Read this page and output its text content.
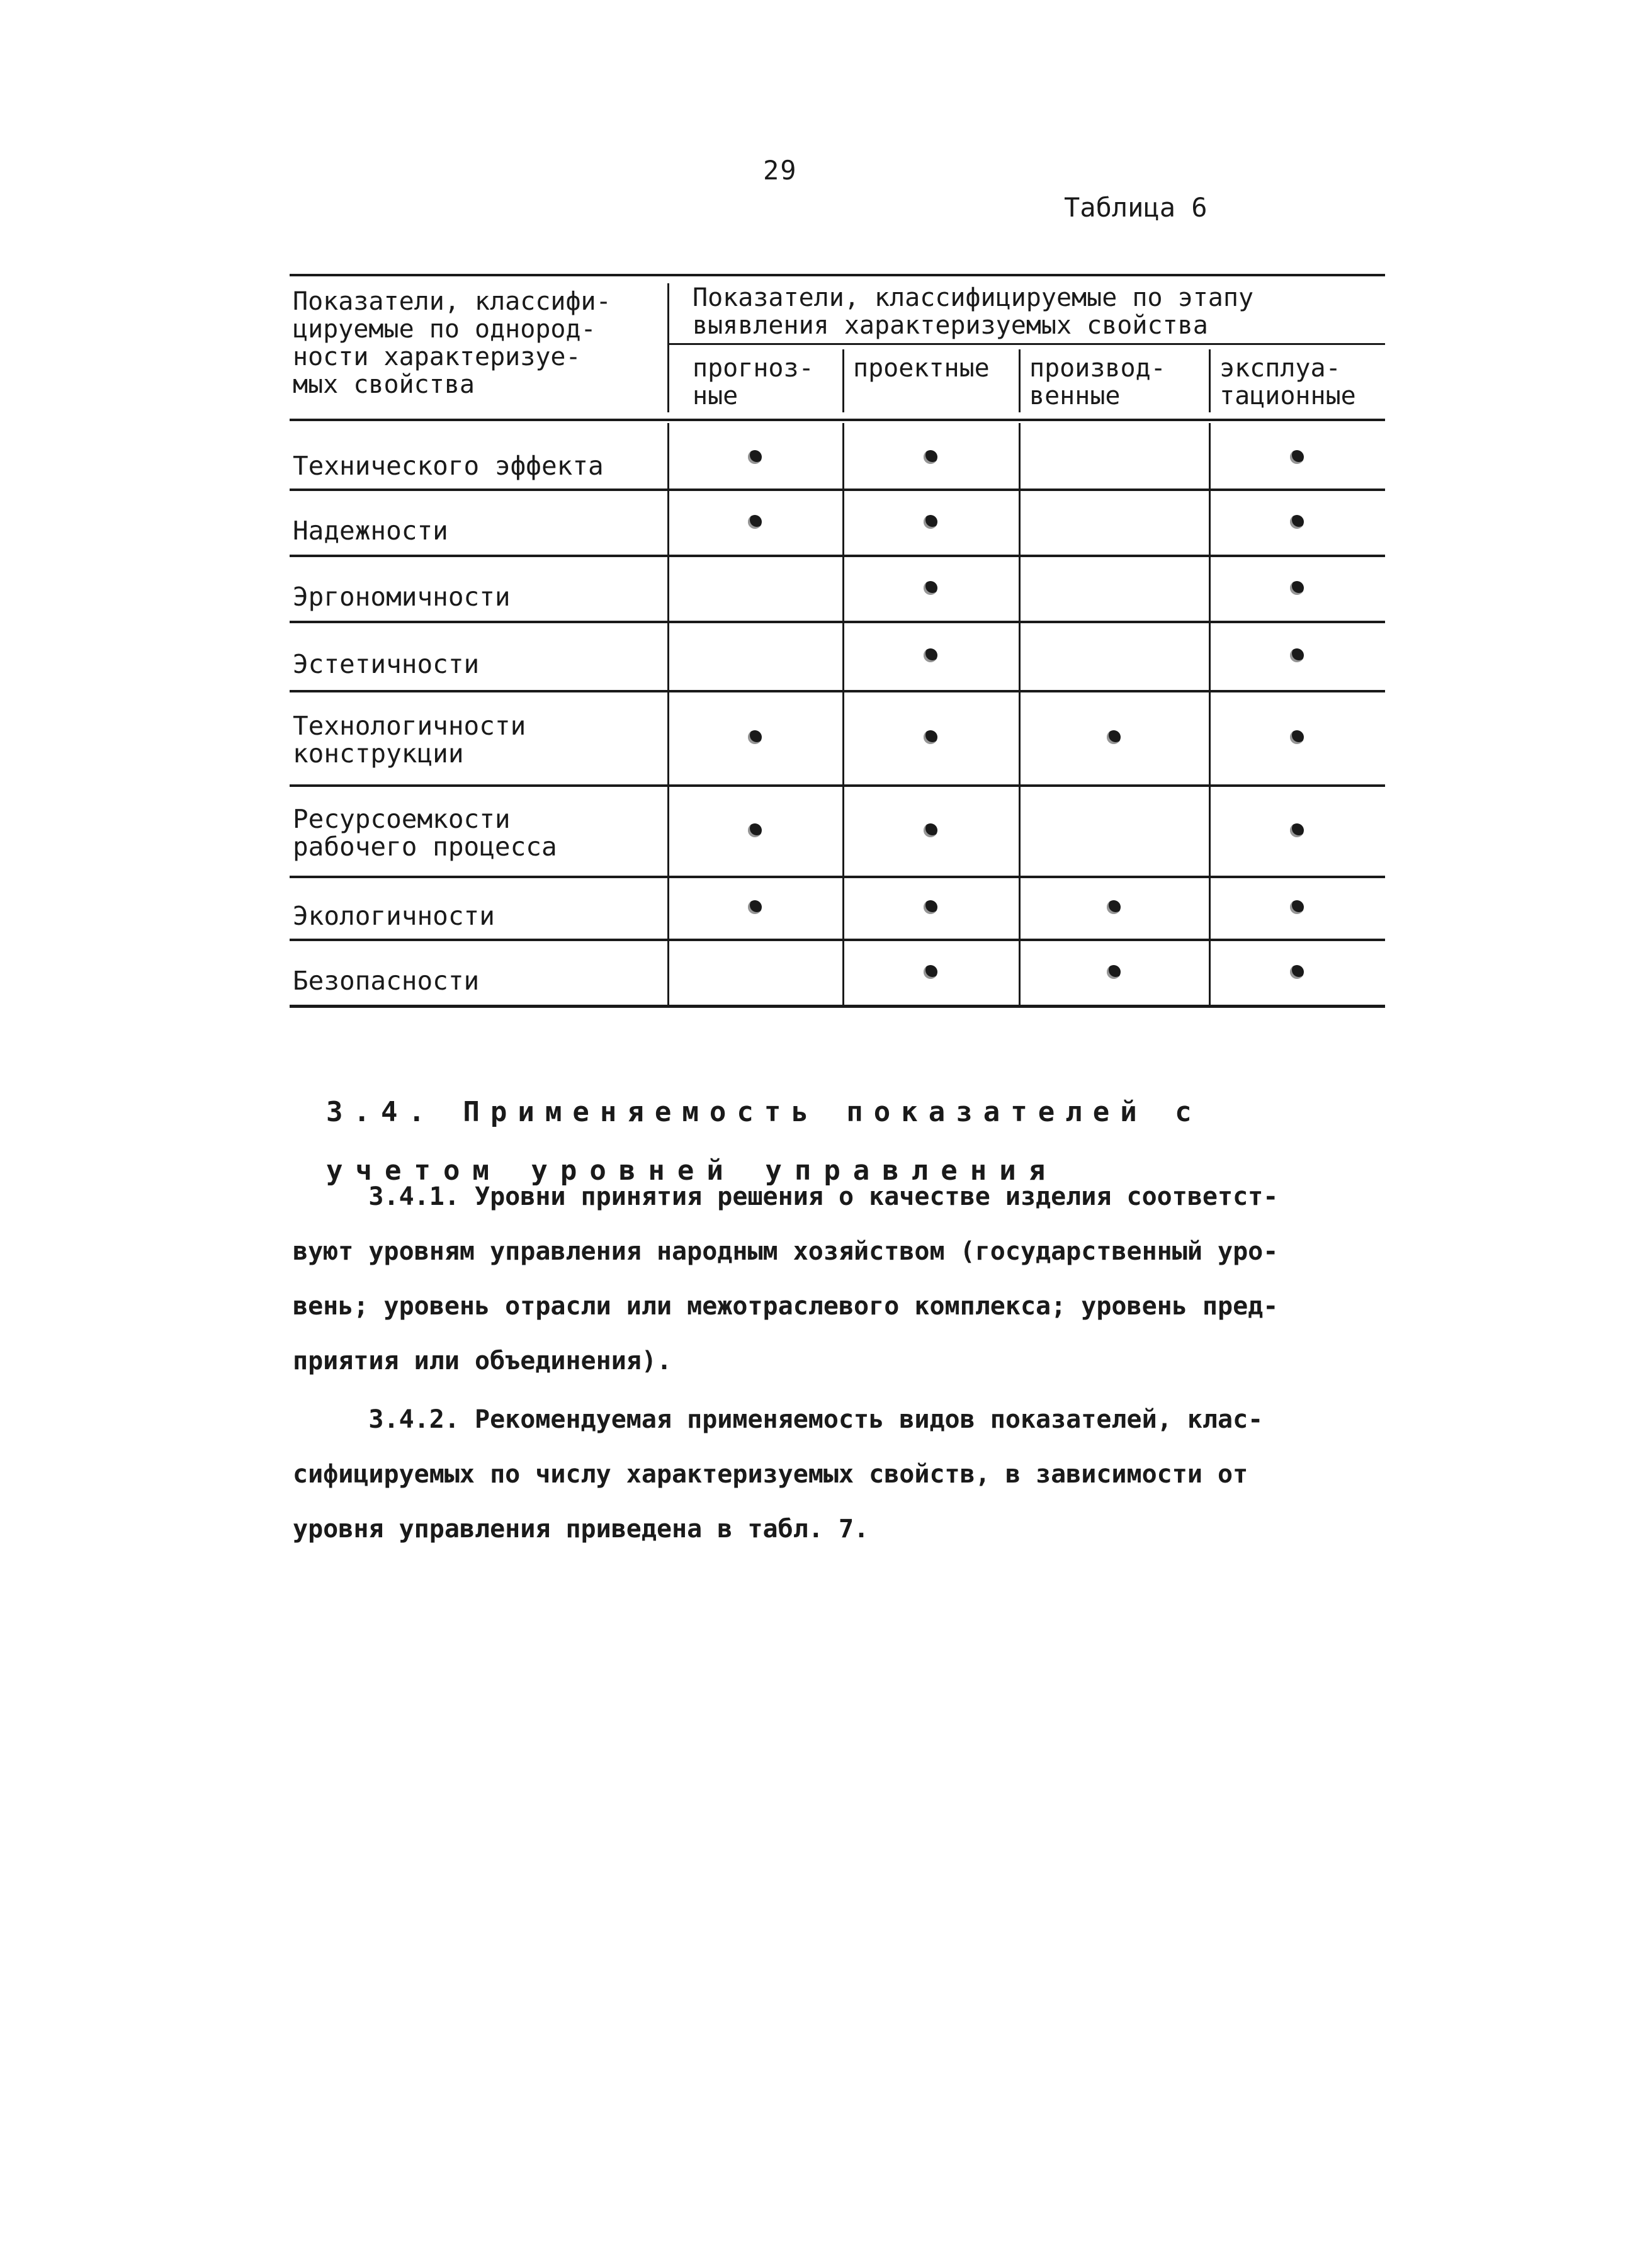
29
Таблица 6
Показатели, классифи-
цируемые по однород-
ности характеризуе-
мых свойства
Показатели, классифицируемые по этапу
выявления характеризуемых свойства
прогноз-
ные
проектные производ-
венные
эксплуа-
тационные
Технического эффекта
Надежности
Эргономичности
Эстетичности
Технологичности
конструкции
Ресурсоемкости
рабочего процесса
Экологичности
Безопасности

3.4. Применяемость показателей с

учетом уровней управления

3.4.1. Уровни принятия решения о качестве изделия соответст-
вуют уровням управления народным хозяйством (государственный уро-
вень; уровень отрасли или межотраслевого комплекса; уровень пред-
приятия или объединения).
3.4.2. Рекомендуемая применяемость видов показателей, клас-
сифицируемых по числу характеризуемых свойств, в зависимости от
уровня управления приведена в табл. 7.
